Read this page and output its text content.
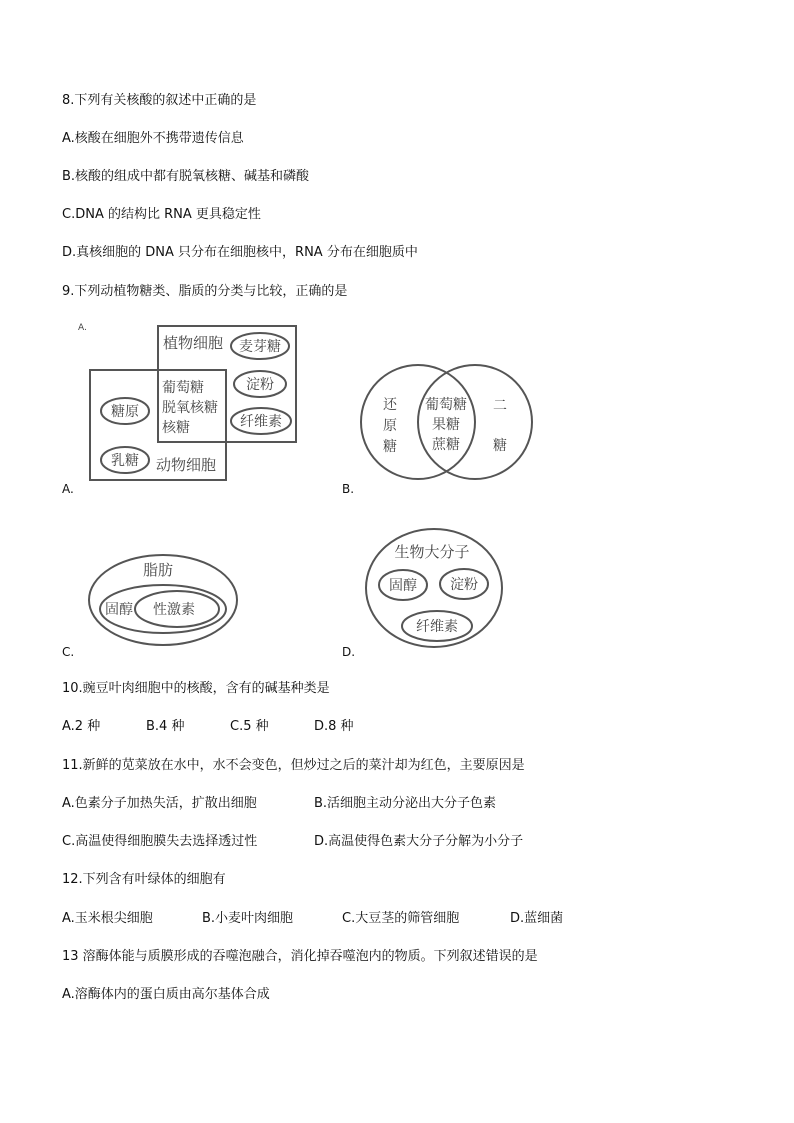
8.下列有关核酸的叙述中正确的是
A.核酸在细胞外不携带遗传信息
B.核酸的组成中都有脱氧核糖、碱基和磷酸
C.DNA 的结构比 RNA 更具稳定性
D.真核细胞的 DNA 只分布在细胞核中，RNA 分布在细胞质中
9.下列动植物糖类、脂质的分类与比较，正确的是
A.
植物细胞 麦芽糖
葡萄糖
脱氧核糖
核糖
淀粉
纤维素
糖原
乳糖 动物细胞
A.
还
原
糖
葡萄糖
果糖
蔗糖
二
糖
B.
脂肪
固醇 性激素
C.
生物大分子
固醇 淀粉
纤维素
D.
10.豌豆叶肉细胞中的核酸，含有的碱基种类是
A.2 种	B.4 种	C.5 种	D.8 种
11.新鲜的苋菜放在水中，水不会变色，但炒过之后的菜汁却为红色，主要原因是
A.色素分子加热失活，扩散出细胞	B.活细胞主动分泌出大分子色素
C.高温使得细胞膜失去选择透过性	D.高温使得色素大分子分解为小分子
12.下列含有叶绿体的细胞有
A.玉米根尖细胞	B.小麦叶肉细胞	C.大豆茎的筛管细胞	D.蓝细菌
13 溶酶体能与质膜形成的吞噬泡融合，消化掉吞噬泡内的物质。下列叙述错误的是
A.溶酶体内的蛋白质由高尔基体合成
